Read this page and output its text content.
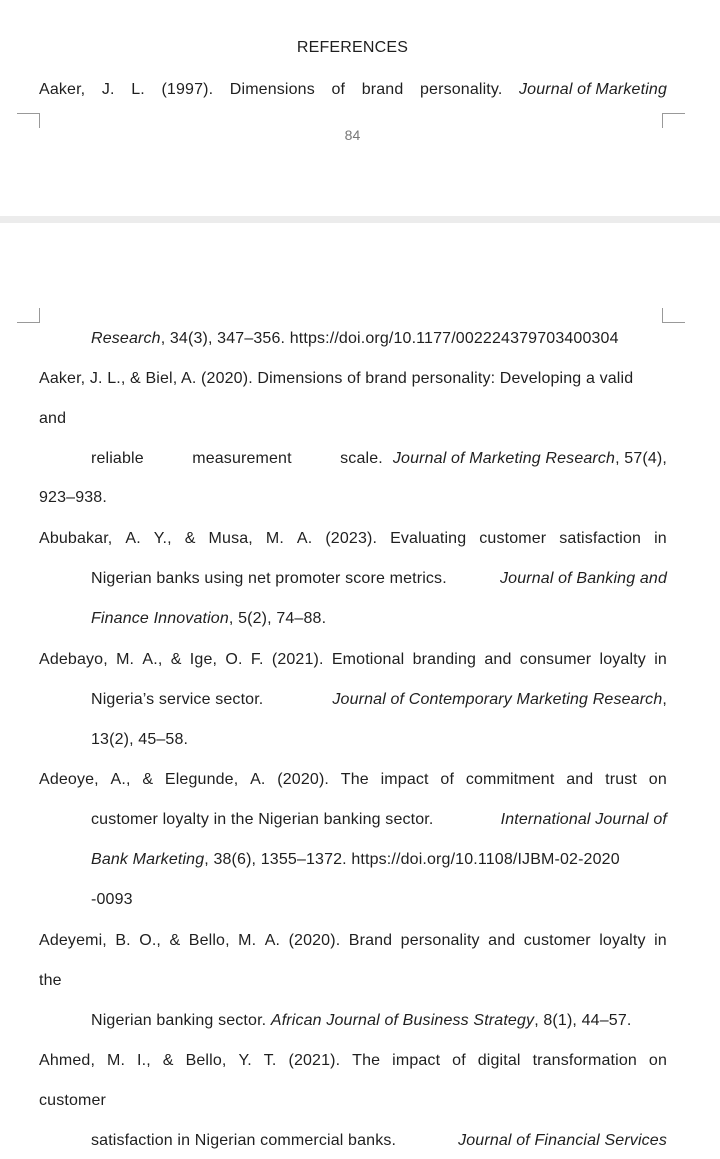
REFERENCES
Aaker, J. L. (1997). Dimensions of brand personality. Journal of Marketing
84
Research, 34(3), 347–356. https://doi.org/10.1177/002224379703400304
Aaker, J. L., & Biel, A. (2020). Dimensions of brand personality: Developing a valid
and
reliable	measurement	scale. Journal of Marketing Research, 57(4),
923–938.
Abubakar, A. Y., & Musa, M. A. (2023). Evaluating customer satisfaction in
Nigerian banks using net promoter score metrics.	Journal of Banking and
Finance Innovation, 5(2), 74–88.
Adebayo, M. A., & Ige, O. F. (2021). Emotional branding and consumer loyalty in
Nigeria’s service sector.	Journal of Contemporary Marketing Research,
13(2), 45–58.
Adeoye, A., & Elegunde, A. (2020). The impact of commitment and trust on
customer loyalty in the Nigerian banking sector.	International Journal of
Bank Marketing, 38(6), 1355–1372. https://doi.org/10.1108/IJBM-02-2020
-0093
Adeyemi, B. O., & Bello, M. A. (2020). Brand personality and customer loyalty in
the
Nigerian banking sector. African Journal of Business Strategy, 8(1), 44–57.
Ahmed, M. I., & Bello, Y. T. (2021). The impact of digital transformation on
customer
satisfaction in Nigerian commercial banks.	Journal of Financial Services
